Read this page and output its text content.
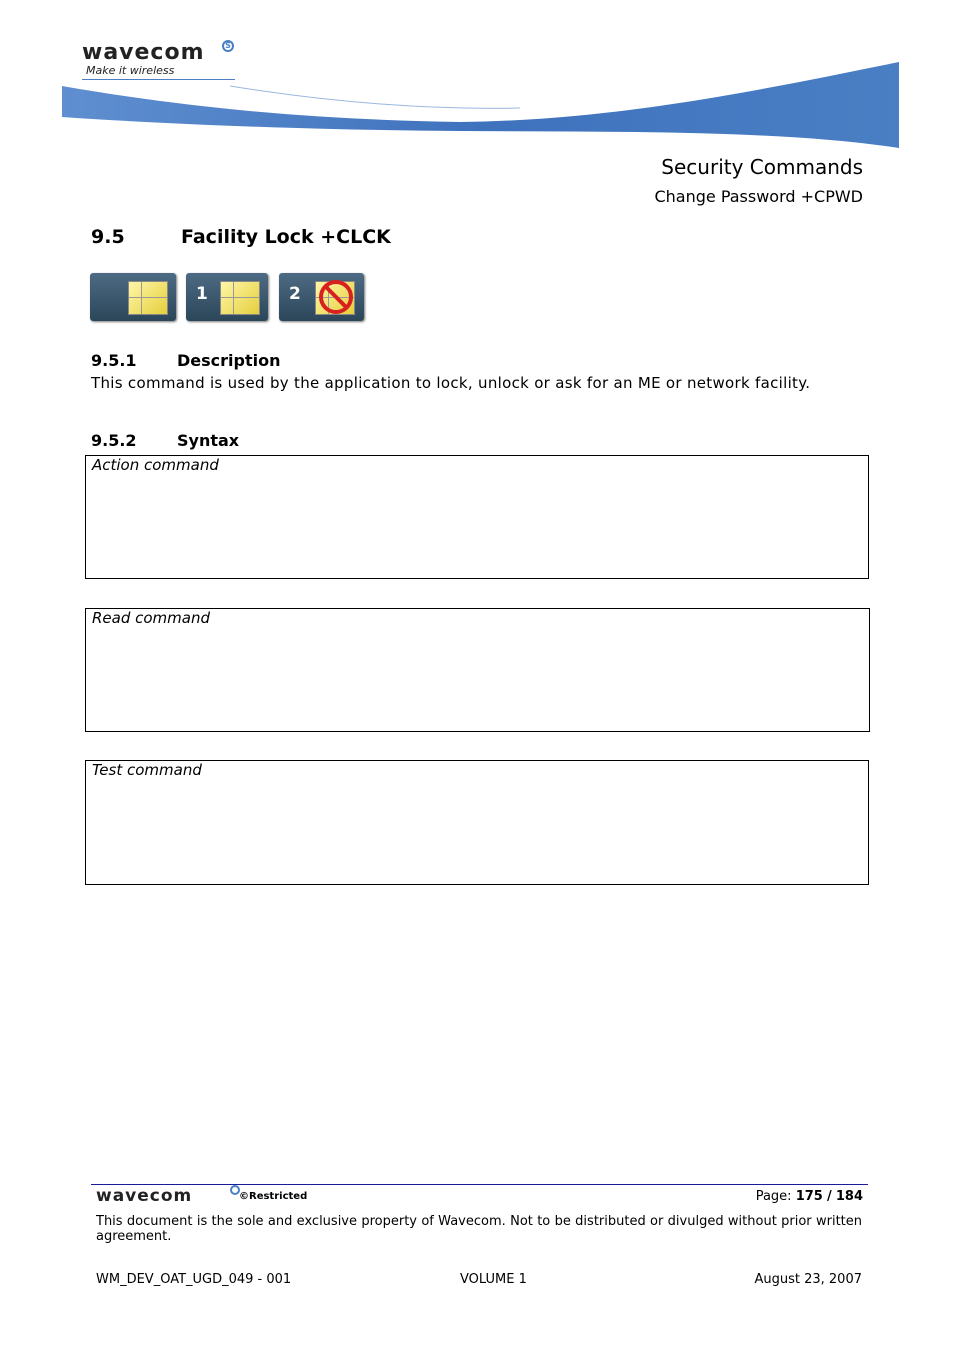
wavecom	S
Make it wireless
Security Commands
Change Password +CPWD
9.5	Facility Lock +CLCK
1	2
9.5.1	Description
This command is used by the application to lock, unlock or ask for an ME or network facility.
9.5.2	Syntax
Action command
Read command
Test command
wavecom	©Restricted	Page: 175 / 184
This document is the sole and exclusive property of Wavecom. Not to be distributed or divulged without prior written agreement.
WM_DEV_OAT_UGD_049 - 001	VOLUME 1	August 23, 2007
